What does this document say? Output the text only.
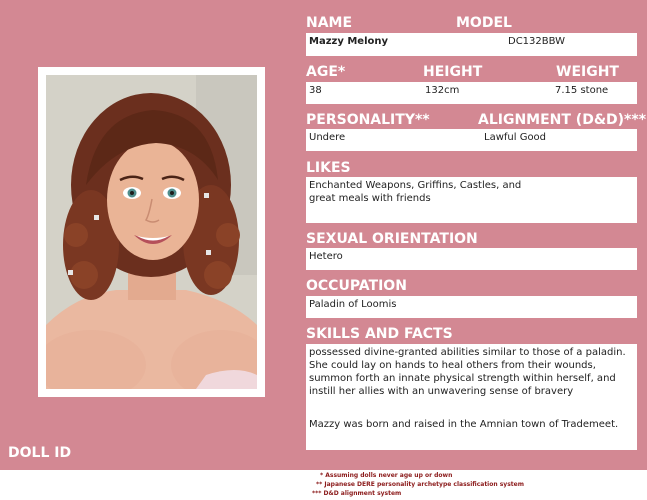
NAME	MODEL
Mazzy Melony	DC132BBW
AGE*	HEIGHT	WEIGHT
38	132cm	7.15 stone
PERSONALITY**	ALIGNMENT (D&D)***
Undere	Lawful Good
LIKES
Enchanted Weapons, Griffins, Castles, and great meals with friends
SEXUAL ORIENTATION
Hetero
OCCUPATION
Paladin of Loomis
SKILLS AND FACTS
possessed divine-granted abilities similar to those of a paladin. She could lay on hands to heal others from their wounds, summon forth an innate physical strength within herself, and instill her allies with an unwavering sense of bravery
Mazzy was born and raised in the Amnian town of Trademeet.
DOLL ID
* Assuming dolls never age up or down
** Japanese DERE personality archetype classification system
*** D&D alignment system
